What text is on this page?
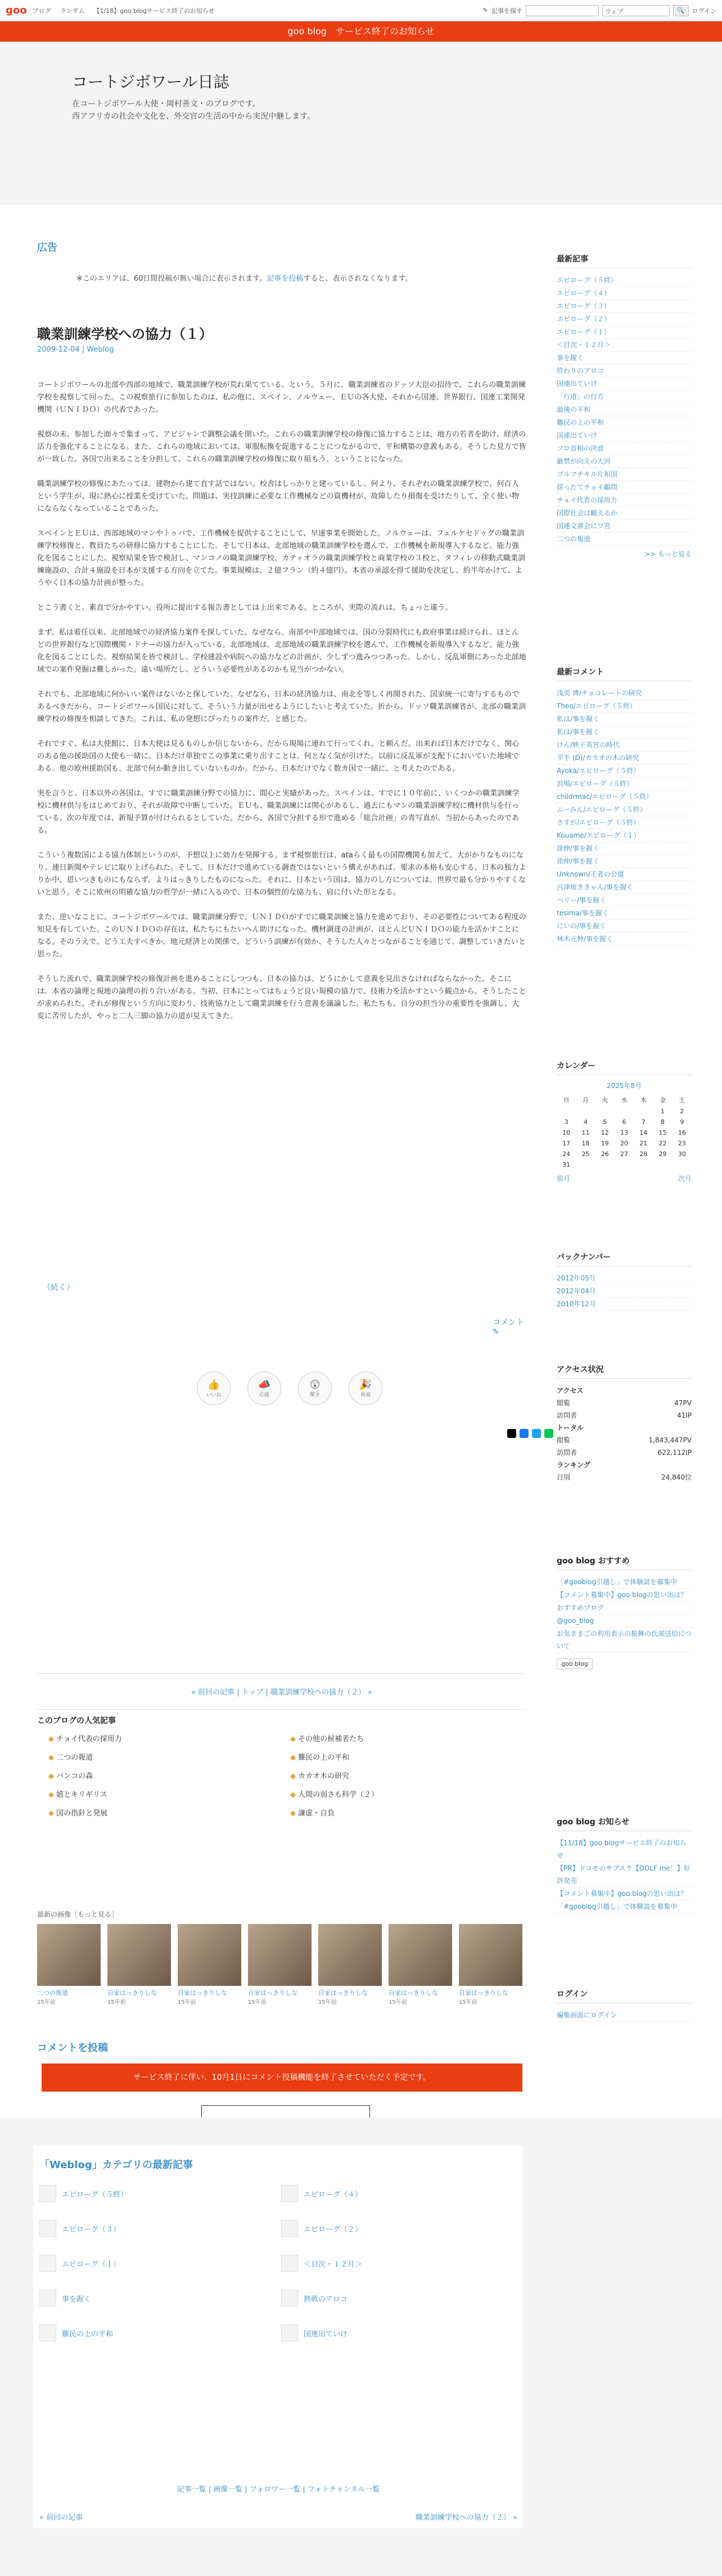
goo ブログ ランダム 【1/18】goo blogサービス終了のお知らせ	✎ 記事を探す	ウェブ	🔍	ログイン
goo blog　サービス終了のお知らせ
コートジボワール日誌
在コートジボワール大使・岡村善文・のブログです。
西アフリカの社会や文化を、外交官の生活の中から実況中継します。
広告
※このエリアは、60日間投稿が無い場合に表示されます。記事を投稿すると、表示されなくなります。
職業訓練学校への協力（１）
2009-12-04 | Weblog

コートジボワールの北部や西部の地域で、職業訓練学校が荒れ果てている、という。５月に、職業訓練省のドッソ大臣の招待で、これらの職業訓練学校を視察して回った。この視察旅行に参加したのは、私の他に、スペイン、ノルウェー、ＥＵの各大使、それから国連、世界銀行、国連工業開発機関（ＵＮＩＤＯ）の代表であった。

視察の末、参加した面々で集まって、アビジャンで調整会議を開いた。これらの職業訓練学校の修復に協力することは、地方の若者を助け、経済の活力を強化することになる。また、これらの地域においては、軍服転換を促進することにつながるので、平和構築の意義もある。そうした見方で皆が一致した。各国で出来ることを分担して、これらの職業訓練学校の修復に取り組もう、ということになった。

職業訓練学校の修復にあたっては、建物から建て直す話ではない。校舎はしっかりと建っているし、何より、それぞれの職業訓練学校で、何百人という学生が、現に熱心に授業を受けていた。問題は、実技訓練に必要な工作機械などの資機材が、故障したり損傷を受けたりして、全く使い物にならなくなっていることであった。

スペインとＥＵは、西部地域のマンやトゥバで、工作機械を提供することにして、早速事業を開始した。ノルウェーは、フェルケセドゥグの職業訓練学校修復と、教員たちの研修に協力することにした。そして日本は、北部地域の職業訓練学校を選んで、工作機械を新規導入するなど、能力強化を図ることにした。視察結果を皆で検討し、マンコノの職業訓練学校、カティオラの職業訓練学校と商業学校の３校と、タフィレの移動式職業訓練施設の、合計４施設を日本が支援する方向を立てた。事業規模は、２億フラン（約４億円）。本省の承認を得て援助を決定し、約半年かけて、ようやく日本の協力計画が整った。

とこう書くと、素直で分かやすい。役所に提出する報告書としては上出来である。ところが、実際の流れは、ちょっと違う。

まず、私は着任以来、北部地域での経済協力案件を探していた。なぜなら、南部や中部地域では、国の分裂時代にも政府事業は続けられ、ほとんどの世界銀行など国際機関・ドナーの協力が入っている。北部地域は、北部地域の職業訓練学校を選んで、工作機械を新規導入するなど、能力強化を図ることにした。視察結果を皆で検討し、学校建設や病院への協力などの計画が、少しずつ進みつつあった。しかし、反乱軍側にあった北部地域での案件発掘は難しかった。遠い場所だし、どういう必要性があるのかも見当がつかない。

それでも、北部地域に何かいい案件はないかと探していた。なぜなら、日本の経済協力は、南北を等しく再開された、国家統一に寄与するものであるべきだから。コートジボワール国民に対して、そういう力量が出せるようにしたいと考えていた。折から、ドッソ職業訓練省が、北部の職業訓練学校の修復を相談してきた。これは、私の発想にぴったりの案件だ、と感じた。

それですぐ、私は大使館に、日本大使は見るものしか信じないから、だから現場に連れて行ってくれ、と頼んだ。出来れば日本だけでなく、関心のある他の援助国の大使も一緒に。日本だけ単独でこの事業に乗り出すことは、何となく気が引けた。以前に反乱軍が支配下においていた地域である。他の欧州援助国も、北部で何か動き出していないものか。だから、日本だけでなく数カ国で一緒に、と考えたのである。

実を言うと、日本以外の各国は、すでに職業訓練分野での協力に、間心と実績があった。スペインは、すでに１０年前に、いくつかの職業訓練学校に機材供与をはじめており、それが故障で中断していた。ＥＵも、職業訓練には関心があるし、過去にもマンの職業訓練学校に機材供与を行っている。次の年度では、新規予算が付けられるとしていた。だから、各国で分担する形で進める「総合計画」の青写真が、当初からあったのである。

こういう複数国による協力体制というのが、予想以上に効力を発揮する。まず視察旅行は、ataらく最もの国際機関も加えて、大がかりなものになり、連日新聞やテレビに取り上げられた。そして、日本だけで進めている調査ではないという構えがあれば、要求の本格も安心する。日本の独力よりか中、恩いつきものにもならず、よりはっきりしたものになった。それに、日本という国は、協力のし方については、世界で最も分かりやすくないと思う。そこに欧州の明確な協力の哲学が一緒に入るので、日本の個性的な協力も、肩に付いた形となる。

また、逆いなことに、コートジボワールでは、職業訓練分野で、ＵＮＩＤＯがすでに職業訓練と協力を進めており、その必要性についてある程度の知見を有していた。このＵＮＩＤＯの存在は、私たちにもたいへん助けになった。機材調達の計画が、ほとんどＵＮＩＤＯの能力を活かすことになる。そのうえで、どう工夫すべきか、地元経済との関係で、どういう訓練が有効か、そうした人々とつながることを通じて、調整していきたいと思った。

そうした流れで、職業訓練学校の修復計画を進めることにしつつも、日本の協力は、どうにかして意義を見出さなければならなかった。そこには、本省の論理と現地の論理の折り合いがある。当初、日本にとってはちょうど良い規模の協力で、技術力を活かすという観点から、そうしたことが求められた。それが修復という方向に変わり、技術協力として職業訓練を行う意義を議論した。私たちも、自分の担当分の重要性を強調し、大変に苦労したが、やっと二人三脚の協力の道が見えてきた。

（続く）
コメント ✎
👍
いいね
📣
応援
😲
驚き
🎉
祝福
« 前回の記事 | トップ | 職業訓練学校への協力（２） »
このブログの人気記事
◆ チョイ代表の採用力	◆ その他の候補者たち
◆ 二つの報道	◆ 難民の上の平和
◆ バンコの森	◆ カカオ木の研究
◆ 嬉とキリギリス	◆ 人間の弱さも科学（２）
◆ 国の指針と発展	◆ 謙虚・自負
最新の画像［もっと見る］
二つの報道
15年前
自家はっきりしな
15年前
自家はっきりしな
15年前
自家はっきりしな
15年前
自家はっきりしな
15年前
自家はっきりしな
15年前
自家はっきりしな
15年前
コメントを投稿
サービス終了に伴い、10月1日にコメント投稿機能を終了させていただく予定です。
最新記事
エピローグ（５終）
エピローグ（４）
エピローグ（３）
エピローグ（２）
エピローグ（１）
＜目次・１２月＞
事を握く
終わりのアロコ
国連出ていけ
「行道」の行方
最後の平和
難民の上の平和
国連出ていけ
ソロ首相の決意
厳禁が向えの大河
ゴルフチキル片和国
揺ったてチョイ顧問
チョイ代表の採用力
国際社会は観えるか
国連文書会にワ宮
二つの報道
>> もっと見る
最新コメント
浅美 博/チョコレートの研究
Theo/エピローグ（５終）
私は/事を握く
私は/事を握く
けん/映子英宮の時代
平手 (D)/カカオの木の研究
Ayoka/エピローグ（５終）
浜場/エピローグ（５終）
childrmac/エピローグ（５終）
ムーみん/エピローグ（５終）
さすが/エピローグ（５終）
Kouame/エピローグ（１）
徐伸/事を握く
徐伸/事を握く
Unknown/王者の公道
呂津坡ききゃん/事を握く
ベリー/事を握く
tesima/事を握く
にいの/事を握く
林木元伸/事を握く
カレンダー
2025年8月
日	月	火	水	木	金	土
					1	2
3	4	5	6	7	8	9
10	11	12	13	14	15	16
17	18	19	20	21	22	23
24	25	26	27	28	29	30
31						
前月	次月
バックナンバー
2012年05月
2012年04月
2010年12月
アクセス状況
アクセス
閲覧	47PV
訪問者	41IP
トータル
閲覧	1,843,447PV
訪問者	622,112IP
ランキング
日別	24,840位
goo blog おすすめ
「#gooblog引越し」で体験談を募集中
【コメント募集中】goo blogの思い出は？
おすすめブログ
@goo_blog
お気ままごの利用表示の振舞の氏部送信について
goo blog
goo blog お知らせ
【11/18】goo blogサービス終了のお知らせ
【PR】ドコモのサブスク【DOLF me！】好評発売
【コメント募集中】goo blogの思い出は？
「#gooblog引越し」で体験談を募集中
ログイン
編集画面にログイン
「Weblog」カテゴリの最新記事
エピローグ（５終）	エピローグ（４）
エピローグ（３）	エピローグ（２）
エピローグ（１）	＜目次・１２月＞
事を握く	熱戦のアロコ
難民の上の平和	国連出ていけ
記事一覧 | 画像一覧 | フォロワー一覧 | フォトチャンネル一覧
« 前回の記事	職業訓練学校への協力（２） »
